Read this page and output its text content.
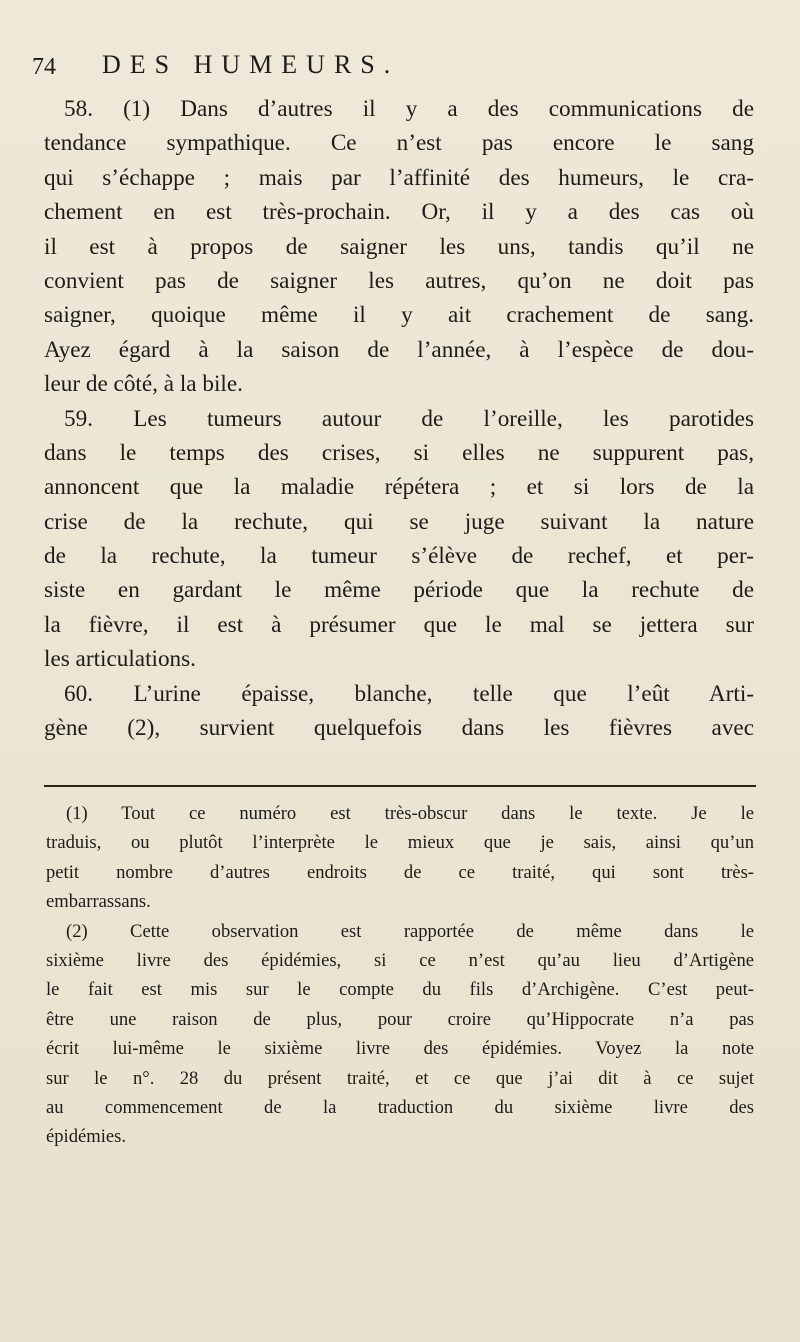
74 DES HUMEURS.
58. (1) Dans d’autres il y a des communications de
tendance sympathique. Ce n’est pas encore le sang
qui s’échappe ; mais par l’affinité des humeurs, le cra-
chement en est très-prochain. Or, il y a des cas où
il est à propos de saigner les uns, tandis qu’il ne
convient pas de saigner les autres, qu’on ne doit pas
saigner, quoique même il y ait crachement de sang.
Ayez égard à la saison de l’année, à l’espèce de dou-
leur de côté, à la bile.
59. Les tumeurs autour de l’oreille, les parotides
dans le temps des crises, si elles ne suppurent pas,
annoncent que la maladie répétera ; et si lors de la
crise de la rechute, qui se juge suivant la nature
de la rechute, la tumeur s’élève de rechef, et per-
siste en gardant le même période que la rechute de
la fièvre, il est à présumer que le mal se jettera sur
les articulations.
60. L’urine épaisse, blanche, telle que l’eût Arti-
gène (2), survient quelquefois dans les fièvres avec
(1) Tout ce numéro est très-obscur dans le texte. Je le
traduis, ou plutôt l’interprète le mieux que je sais, ainsi qu’un
petit nombre d’autres endroits de ce traité, qui sont très-
embarrassans.
(2) Cette observation est rapportée de même dans le
sixième livre des épidémies, si ce n’est qu’au lieu d’Artigène
le fait est mis sur le compte du fils d’Archigène. C’est peut-
être une raison de plus, pour croire qu’Hippocrate n’a pas
écrit lui-même le sixième livre des épidémies. Voyez la note
sur le n°. 28 du présent traité, et ce que j’ai dit à ce sujet
au commencement de la traduction du sixième livre des
épidémies.
